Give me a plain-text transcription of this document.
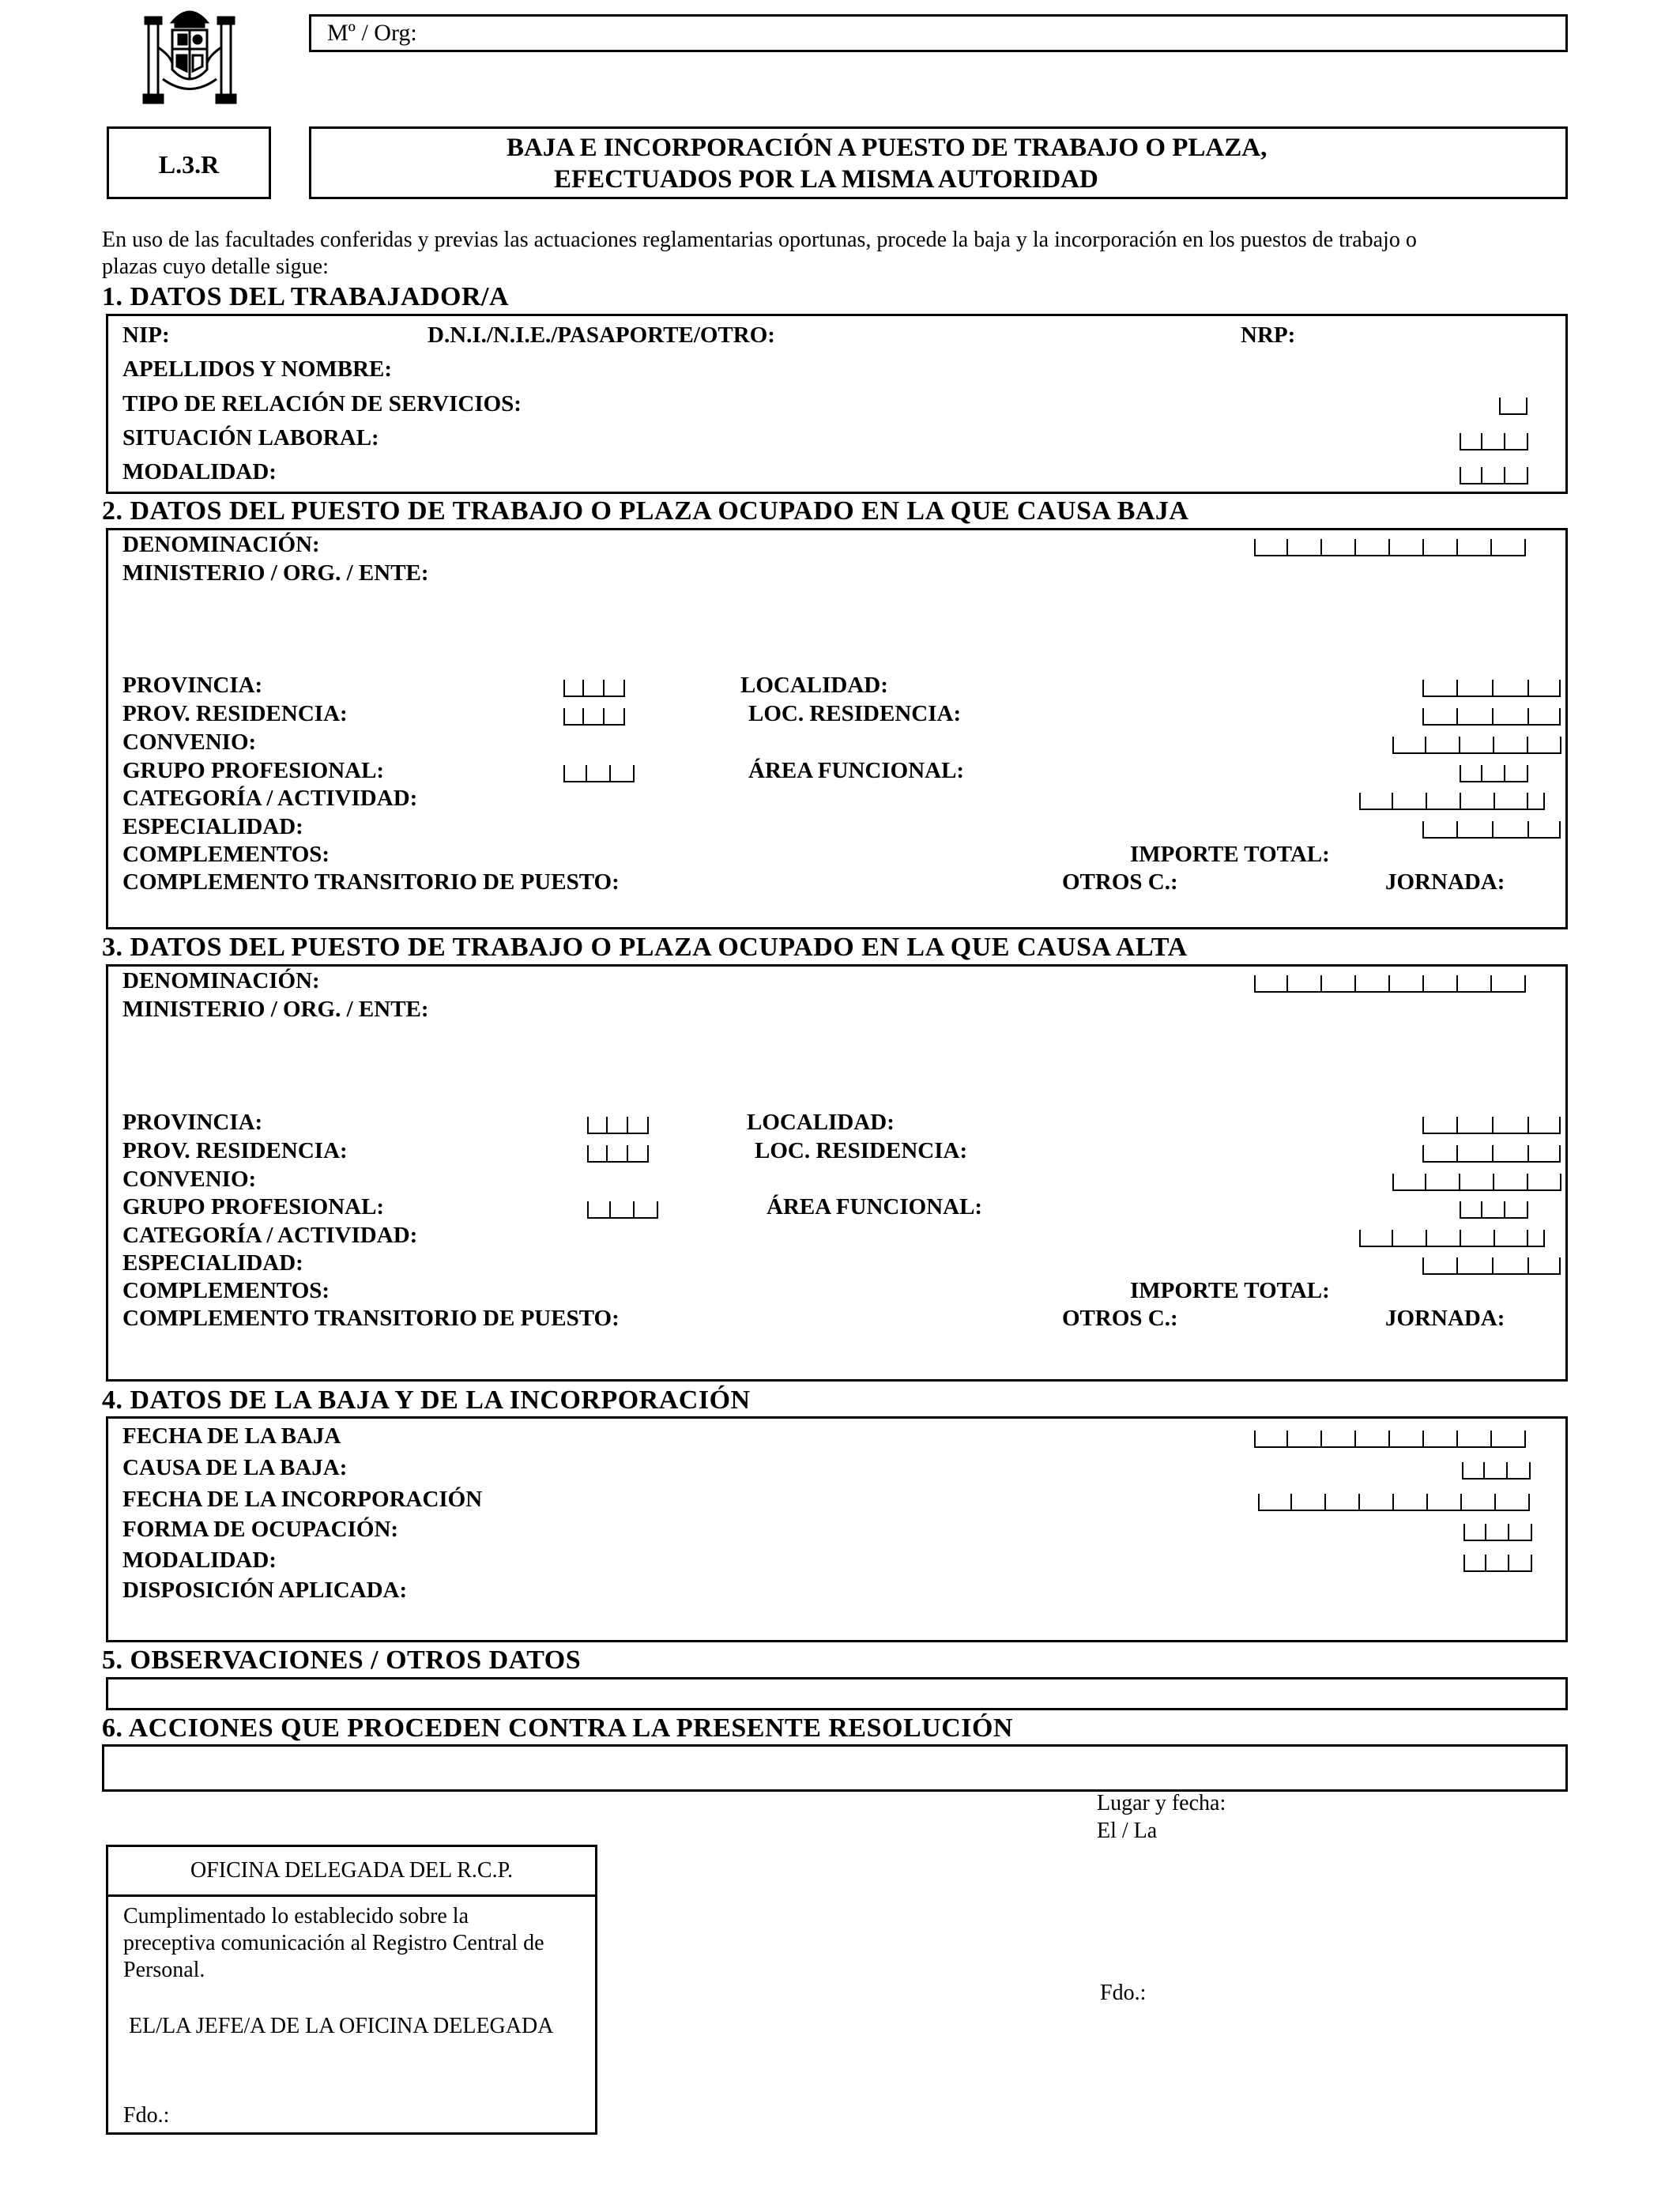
Mº / Org:
L.3.R
BAJA E INCORPORACIÓN A PUESTO DE TRABAJO O PLAZA,
EFECTUADOS POR LA MISMA AUTORIDAD
En uso de las facultades conferidas y previas las actuaciones reglamentarias oportunas, procede la baja y la incorporación en los puestos de trabajo o
plazas cuyo detalle sigue:
1. DATOS DEL TRABAJADOR/A
NIP:	D.N.I./N.I.E./PASAPORTE/OTRO:	NRP:
APELLIDOS Y NOMBRE:
TIPO DE RELACIÓN DE SERVICIOS:
SITUACIÓN LABORAL:
MODALIDAD:
2. DATOS DEL PUESTO DE TRABAJO O PLAZA OCUPADO EN LA QUE CAUSA BAJA
DENOMINACIÓN:
MINISTERIO / ORG. / ENTE:
PROVINCIA:	LOCALIDAD:
PROV. RESIDENCIA:	LOC. RESIDENCIA:
CONVENIO:
GRUPO PROFESIONAL:	ÁREA FUNCIONAL:
CATEGORÍA / ACTIVIDAD:
ESPECIALIDAD:
COMPLEMENTOS:	IMPORTE TOTAL:
COMPLEMENTO TRANSITORIO DE PUESTO:	OTROS C.:	JORNADA:
3. DATOS DEL PUESTO DE TRABAJO O PLAZA OCUPADO EN LA QUE CAUSA ALTA
DENOMINACIÓN:
MINISTERIO / ORG. / ENTE:
PROVINCIA:	LOCALIDAD:
PROV. RESIDENCIA:	LOC. RESIDENCIA:
CONVENIO:
GRUPO PROFESIONAL:	ÁREA FUNCIONAL:
CATEGORÍA / ACTIVIDAD:
ESPECIALIDAD:
COMPLEMENTOS:	IMPORTE TOTAL:
COMPLEMENTO TRANSITORIO DE PUESTO:	OTROS C.:	JORNADA:
4. DATOS DE LA BAJA Y DE LA INCORPORACIÓN
FECHA DE LA BAJA
CAUSA DE LA BAJA:
FECHA DE LA INCORPORACIÓN
FORMA DE OCUPACIÓN:
MODALIDAD:
DISPOSICIÓN APLICADA:
5. OBSERVACIONES / OTROS DATOS
6. ACCIONES QUE PROCEDEN CONTRA LA PRESENTE RESOLUCIÓN
Lugar y fecha:
El / La
Fdo.:
OFICINA DELEGADA DEL R.C.P.
Cumplimentado lo establecido sobre la
preceptiva comunicación al Registro Central de
Personal.
EL/LA JEFE/A DE LA OFICINA DELEGADA
Fdo.:
